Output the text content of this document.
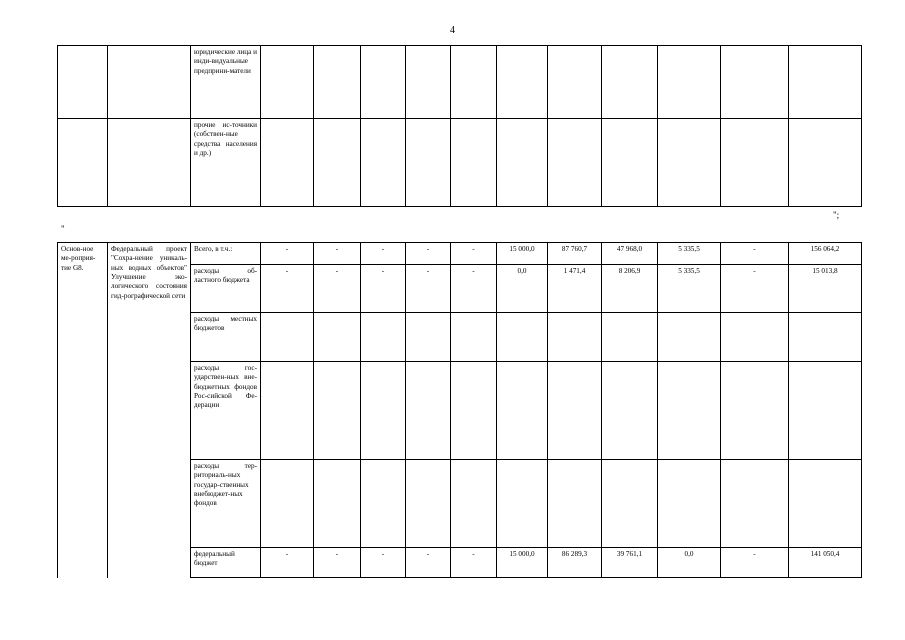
4
		юридические лица и инди-видуальные предприни-матели											
		прочие ис-точники (собствен-ные средства населения и др.)											
";
"
Основ-ное ме-роприя-тие G8.	Федеральный проект "Сохра-нение уникаль-ных водных объектов" Улучшение эко-логического состояния гид-рографической сети	Всего, в т.ч.:	-	-	-	-	-	15 000,0	87 760,7	47 968,0	5 335,5	-	156 064,2
		расходы об-ластного бюджета	-	-	-	-	-	0,0	1 471,4	8 206,9	5 335,5	-	15 013,8
		расходы местных бюджетов											
		расходы гос-ударствен-ных вне-бюджетных фондов Рос-сийской Фе-дерации											
		расходы тер-риториаль-ных государ-ственных внебюджет-ных фондов											
		федеральный бюджет	-	-	-	-	-	15 000,0	86 289,3	39 761,1	0,0	-	141 050,4
